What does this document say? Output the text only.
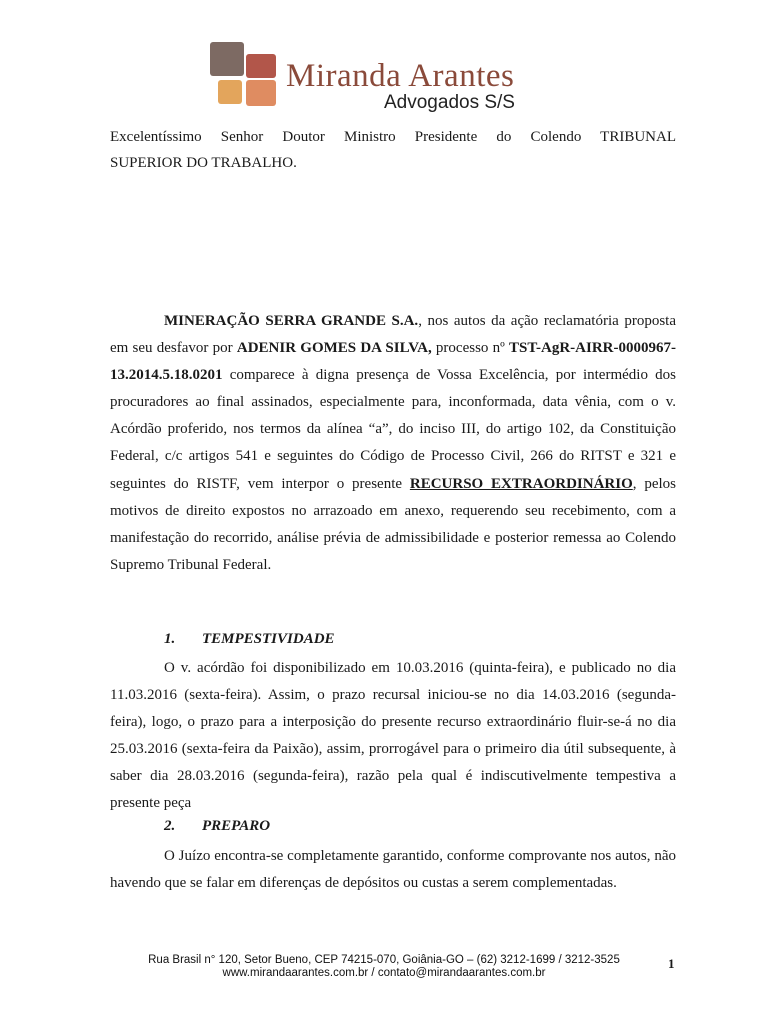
Miranda Arantes
Advogados S/S
Excelentíssimo Senhor Doutor Ministro Presidente do Colendo TRIBUNAL
SUPERIOR DO TRABALHO.

MINERAÇÃO SERRA GRANDE S.A., nos autos da ação reclamatória proposta em seu desfavor por ADENIR GOMES DA SILVA, processo nº TST-AgR-AIRR-0000967-13.2014.5.18.0201 comparece à digna presença de Vossa Excelência, por intermédio dos procuradores ao final assinados, especialmente para, inconformada, data vênia, com o v. Acórdão proferido, nos termos da alínea “a”, do inciso III, do artigo 102, da Constituição Federal, c/c artigos 541 e seguintes do Código de Processo Civil, 266 do RITST e 321 e seguintes do RISTF, vem interpor o presente RECURSO EXTRAORDINÁRIO, pelos motivos de direito expostos no arrazoado em anexo, requerendo seu recebimento, com a manifestação do recorrido, análise prévia de admissibilidade e posterior remessa ao Colendo Supremo Tribunal Federal.

1. TEMPESTIVIDADE

O v. acórdão foi disponibilizado em 10.03.2016 (quinta-feira), e publicado no dia 11.03.2016 (sexta-feira). Assim, o prazo recursal iniciou-se no dia 14.03.2016 (segunda-feira), logo, o prazo para a interposição do presente recurso extraordinário fluir-se-á no dia 25.03.2016 (sexta-feira da Paixão), assim, prorrogável para o primeiro dia útil subsequente, à saber dia 28.03.2016 (segunda-feira), razão pela qual é indiscutivelmente tempestiva a presente peça

2. PREPARO

O Juízo encontra-se completamente garantido, conforme comprovante nos autos, não havendo que se falar em diferenças de depósitos ou custas a serem complementadas.

Rua Brasil n° 120, Setor Bueno, CEP 74215-070, Goiânia-GO – (62) 3212-1699 / 3212-3525
www.mirandaarantes.com.br / contato@mirandaarantes.com.br
1
